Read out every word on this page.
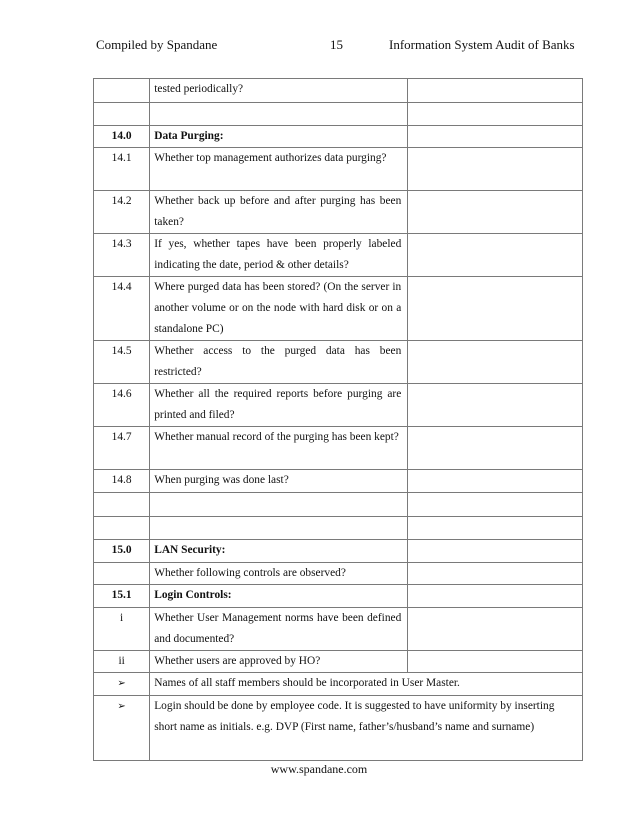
Compiled by Spandane	15	Information System Audit of Banks
	tested periodically?	

14.0	Data Purging:	
14.1	Whether top management authorizes data purging?	
14.2	Whether back up before and after purging has been taken?	
14.3	If yes, whether tapes have been properly labeled indicating the date, period & other details?	
14.4	Where purged data has been stored? (On the server in another volume or on the node with hard disk or on a standalone PC)	
14.5	Whether access to the purged data has been restricted?	
14.6	Whether all the required reports before purging are printed and filed?	
14.7	Whether manual record of the purging has been kept?	
14.8	When purging was done last?	

15.0	LAN Security:	
	Whether following controls are observed?	
15.1	Login Controls:	
i	Whether User Management norms have been defined and documented?	
ii	Whether users are approved by HO?	
➢	Names of all staff members should be incorporated in User Master.	
➢	Login should be done by employee code. It is suggested to have uniformity by inserting short name as initials. e.g. DVP (First name, father’s/husband’s name and surname)	
www.spandane.com
